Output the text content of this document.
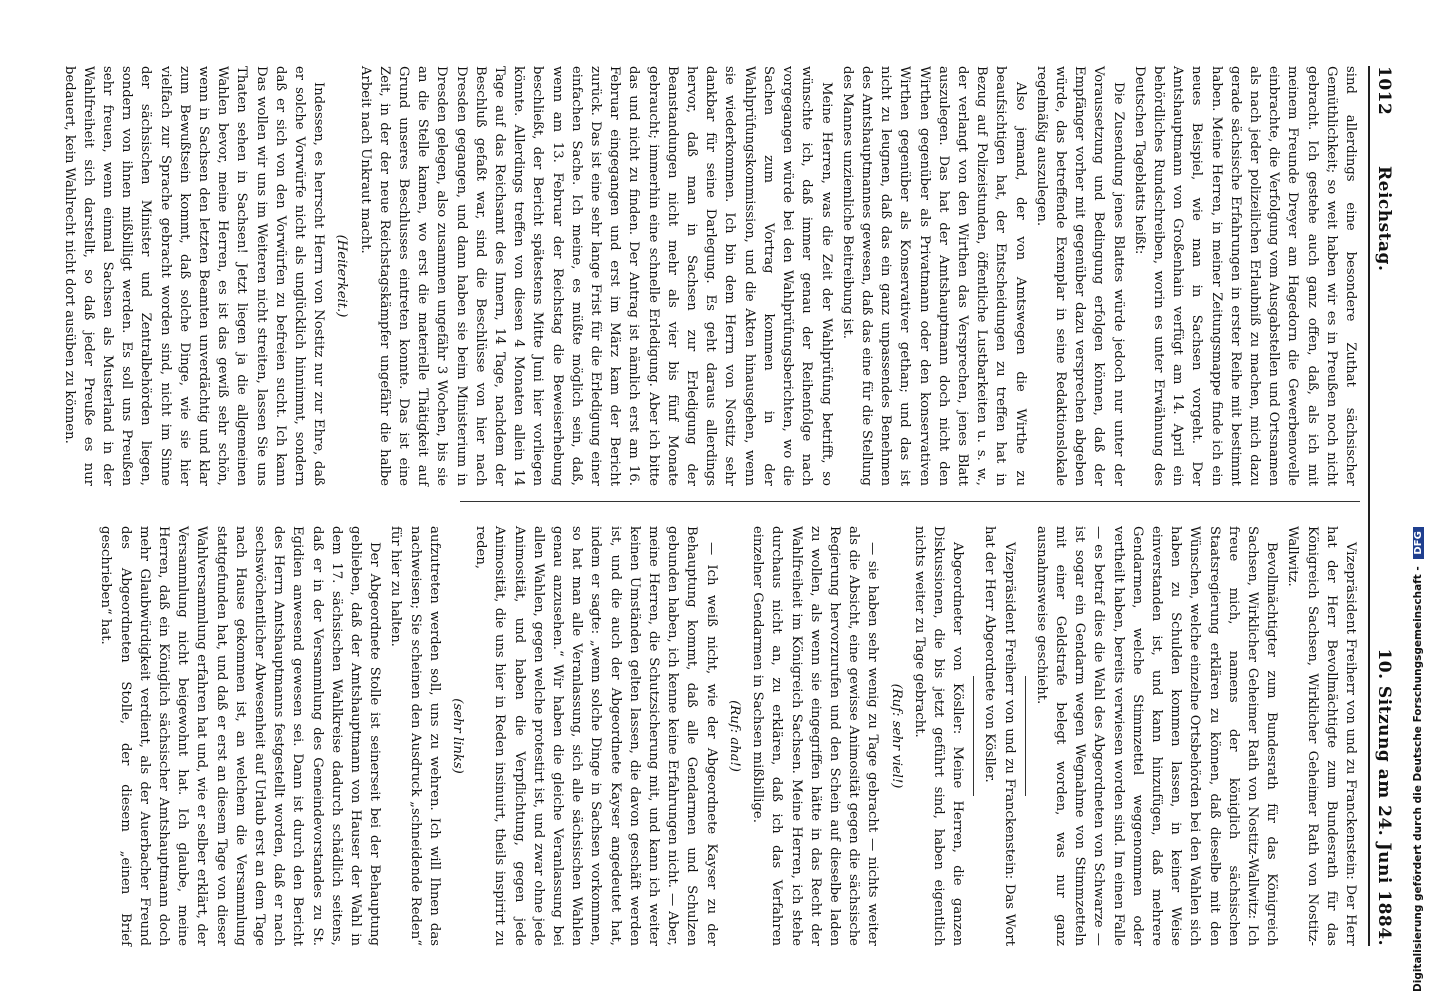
1012
Reichstag.
10. Sitzung am 24. Juni 1884.

sind allerdings eine besondere Zuthat sächsischer Gemüthlichkeit; so weit haben wir es in Preußen noch nicht gebracht. Ich gestehe auch ganz offen, daß, als ich mit meinem Freunde Dreyer am Hagedorn die Gewerbenovelle einbrachte, die Verfolgung vom Ausgabstellen und Ortsnamen als nach jeder polizeilichen Erlaubniß zu machen, mich dazu gerade sächsische Erfahrungen in erster Reihe mit bestimmt haben. Meine Herren, in meiner Zeitungsmappe finde ich ein neues Beispiel, wie man in Sachsen vorgeht. Der Amtshauptmann von Großenhain verfügt am 14. April ein behördliches Rundschreiben, worin es unter Erwähnung des Deutschen Tageblatts heißt:

Die Zusendung jenes Blattes würde jedoch nur unter der Voraussetzung und Bedingung erfolgen können, daß der Empfänger vorher mit gegenüber dazu versprechen abgeben würde, das betreffende Exemplar in seine Redaktionslokale regelmäßig auszulegen.

Also jemand, der von Amtswegen die Wirthe zu beaufsichtigen hat, der Entscheidungen zu treffen hat in Bezug auf Polizeistunden, öffentliche Lustbarkeiten u. s. w., der verlangt von den Wirthen das Versprechen, jenes Blatt auszulegen. Das hat der Amtshauptmann doch nicht den Wirthen gegenüber als Privatmann oder den konservativen Wirthen gegenüber als Konservativer gethan; und das ist nicht zu leugnen, daß das ein ganz unpassendes Benehmen des Amtshauptmannes gewesen, daß das eine für die Stellung des Mannes unziemliche Beitreibung ist.

Meine Herren, was die Zeit der Wahlprüfung betrifft, so wünschte ich, daß immer genau der Reihenfolge nach vorgegangen würde bei den Wahlprüfungsberichten, wo die Sachen zum Vortrag kommen in der Wahlprüfungskommission, und die Akten hinausgehen, wenn sie wiederkommen. Ich bin dem Herrn von Nostitz sehr dankbar für seine Darlegung. Es geht daraus allerdings hervor, daß man in Sachsen zur Erledigung der Beanstandungen nicht mehr als vier bis fünf Monate gebraucht; immerhin eine schnelle Erledigung. Aber ich bitte das und nicht zu finden. Der Antrag ist nämlich erst am 16. Februar eingegangen und erst im März kam der Bericht zurück. Das ist eine sehr lange Frist für die Erledigung einer einfachen Sache. Ich meine, es müßte möglich sein, daß, wenn am 13. Februar der Reichstag die Beweiserhebung beschließt, der Bericht spätestens Mitte Juni hier vorliegen könnte. Allerdings treffen von diesen 4 Monaten allein 14 Tage auf das Reichsamt des Innern, 14 Tage, nachdem der Beschluß gefaßt war, sind die Beschlüsse von hier nach Dresden gegangen, und dann haben sie beim Ministerium in Dresden gelegen, also zusammen ungefähr 3 Wochen, bis sie an die Stelle kamen, wo erst die materielle Thätigkeit auf Grund unseres Beschlusses eintreten konnte. Das ist eine Zeit, in der der neue Reichstagskämpfer ungefähr die halbe Arbeit nach Unkraut macht.

(Heiterkeit.)

Indessen, es herrscht Herrn von Nostitz nur zur Ehre, daß er solche Vorwürfe nicht als unglücklich hinnimmt, sondern daß er sich von den Vorwürfen zu befreien sucht. Ich kann Das wollen wir uns im Weiteren nicht streiten, lassen Sie uns Thaten sehen in Sachsen! Jetzt liegen ja die allgemeinen Wahlen bevor, meine Herren, es ist das gewiß sehr schön, wenn in Sachsen den letzten Beamten unverdächtig und klar zum Bewußtsein kommt, daß solche Dinge, wie sie hier vielfach zur Sprache gebracht worden sind, nicht im Sinne der sächsischen Minister und Zentralbehörden liegen, sondern von ihnen mißbilligt werden. Es soll uns Preußen sehr freuen, wenn einmal Sachsen als Musterland in der Wahlfreiheit sich darstellt, so daß jeder Preuße es nur bedauert, kein Wahlrecht nicht dort ausüben zu können.

Vizepräsident Freiherr von und zu Franckenstein: Der Herr hat der Herr Bevollmächtigte zum Bundesrath für das Königreich Sachsen, Wirklicher Geheimer Rath von Nostitz-Wallwitz.

Bevollmächtigter zum Bundesrath für das Königreich Sachsen, Wirklicher Geheimer Rath von Nostitz-Wallwitz: Ich freue mich, namens der königlich sächsischen Staatsregierung erklären zu können, daß dieselbe mit den Wünschen, welche einzelne Ortsbehörden bei den Wahlen sich haben zu Schulden kommen lassen, in keiner Weise einverstanden ist, und kann hinzufügen, daß mehrere Gendarmen, welche Stimmzettel weggenommen oder vertheilt haben, bereits verwiesen worden sind. Im einen Falle — es betraf dies die Wahl des Abgeordneten von Schwarze — ist sogar ein Gendarm wegen Wegnahme von Stimmzetteln mit einer Geldstrafe belegt worden, was nur ganz ausnahmsweise geschieht.

Vizepräsident Freiherr von und zu Franckenstein: Das Wort hat der Herr Abgeordnete von Kösller.

Abgeordneter von Kösller: Meine Herren, die ganzen Diskussionen, die bis jetzt geführt sind, haben eigentlich nichts weiter zu Tage gebracht.

(Ruf: sehr viel!)

— sie haben sehr wenig zu Tage gebracht — nichts weiter als die Absicht, eine gewisse Animosität gegen die sächsische Regierung hervorzurufen und den Schein auf dieselbe laden zu wollen, als wenn sie eingegriffen hätte in das Recht der Wahlfreiheit im Königreich Sachsen. Meine Herren, ich stehe durchaus nicht an, zu erklären, daß ich das Verfahren einzelner Gendarmen in Sachsen mißbillige.

(Ruf: aha!)

— Ich weiß nicht, wie der Abgeordnete Kayser zu der Behauptung kommt, daß alle Gendarmen und Schulzen gebunden haben, ich kenne keine Erfahrungen nicht. — Aber, meine Herren, die Schutzsicherung mit, und kann ich weiter keinen Umständen gelten lassen, die davon geschäft werden ist, und die auch der Abgeordnete Kayser angedeutet hat, indem er sagte: „wenn solche Dinge in Sachsen vorkommen, so hat man alle Veranlassung, sich alle sächsischen Wahlen genau anzusehen.“ Wir haben die gleiche Veranlassung bei allen Wahlen, gegen welche protestirt ist, und zwar ohne jede Animosität, und haben die Verpflichtung, gegen jede Animosität, die uns hier in Reden insinuirt, theils inspirirt zu reden,

(sehr links)

aufzutreten werden soll, uns zu wehren. Ich will Ihnen das nachweisen; Sie scheinen den Ausdruck „schneidende Reden“ für hier zu halten.

Der Abgeordnete Stolle ist seinerseit bei der Behauptung geblieben, daß der Amtshauptmann von Hauser der Wahl in dem 17. sächsischen Wahlkreise dadurch schädlich seitens, daß er in der Versammlung des Gemeindevorstandes zu St. Egidien anwesend gewesen sei. Dann ist durch den Bericht des Herrn Amtshauptmanns festgestellt worden, daß er nach sechswöchentlicher Abwesenheit auf Urlaub erst an dem Tage nach Hause gekommen ist, an welchem die Versammlung stattgefunden hat, und daß er erst an diesem Tage von dieser Wahlversammlung erfahren hat und, wie er selber erklärt, der Versammlung nicht beigewohnt hat. Ich glaube, meine Herren, daß ein Königlich sächsischer Amtshauptmann doch mehr Glaubwürdigkeit verdient, als der Auerbacher Freund des Abgeordneten Stolle, der diesem „einen Brief geschrieben“ hat.	Digitalisierung gefördert durch die Deutsche Forschungsgemeinschaft - DFG
